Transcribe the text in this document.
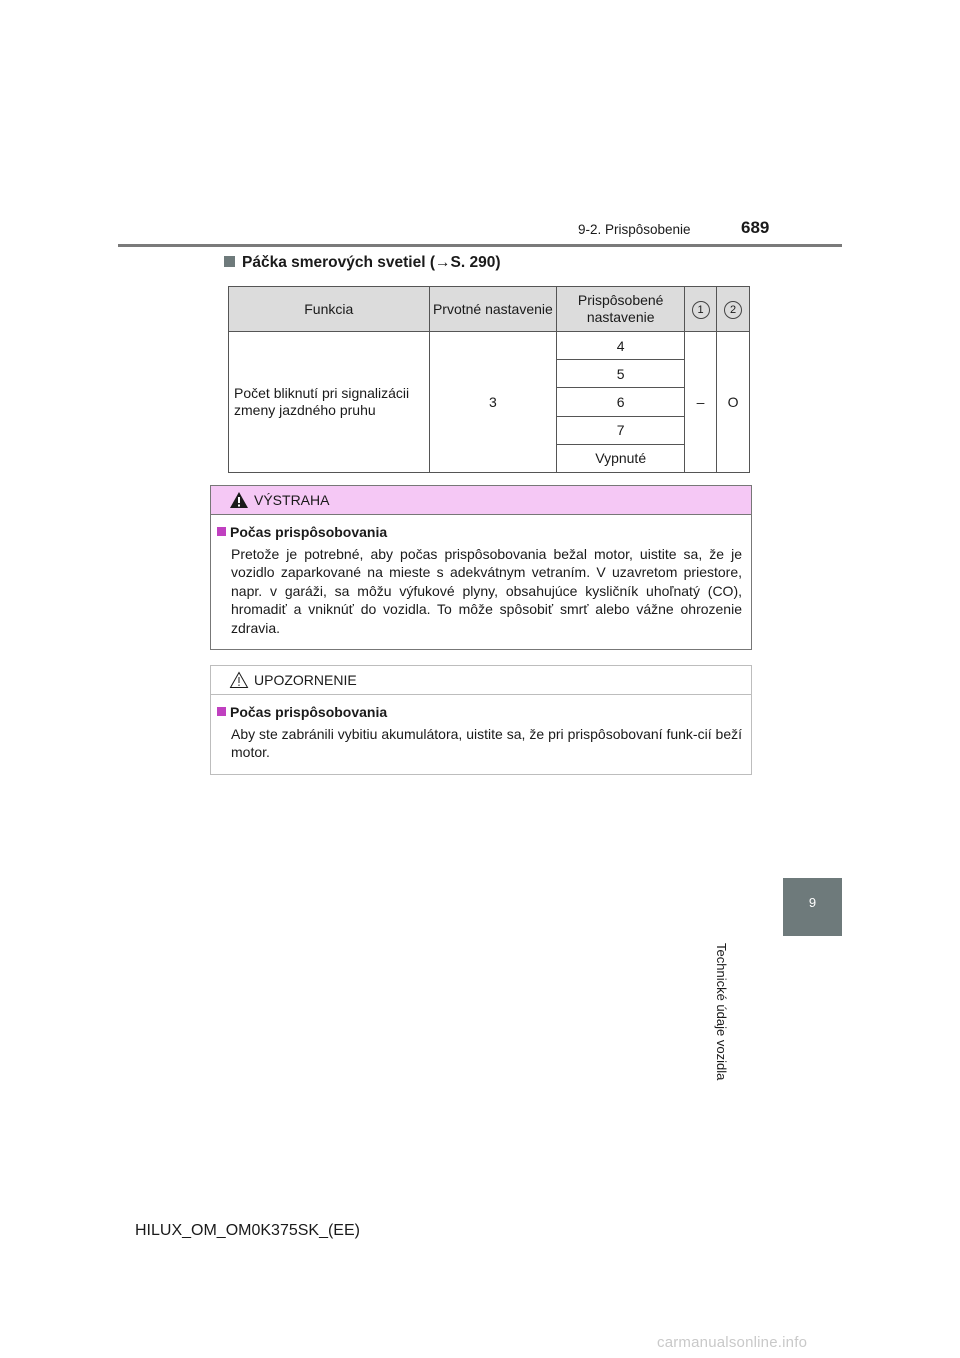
9-2. Prispôsobenie	689
9
Technické údaje vozidla
Páčka smerových svetiel (→S. 290)
Funkcia	Prvotné nastavenie	Prispôsobené nastavenie	1	2
Počet bliknutí pri signalizácii zmeny jazdného pruhu	3	4	–	O
		5		
		6		
		7		
		Vypnuté		
VÝSTRAHA
Počas prispôsobovania

Pretože je potrebné, aby počas prispôsobovania bežal motor, uistite sa, že je vozidlo zaparkované na mieste s adekvátnym vetraním. V uzavretom priestore, napr. v garáži, sa môžu výfukové plyny, obsahujúce kysličník uhoľnatý (CO), hromadiť a vniknúť do vozidla. To môže spôsobiť smrť alebo vážne ohrozenie zdravia.

UPOZORNENIE
Počas prispôsobovania

Aby ste zabránili vybitiu akumulátora, uistite sa, že pri prispôsobovaní funk-cií beží motor.

HILUX_OM_OM0K375SK_(EE)
carmanualsonline.info
